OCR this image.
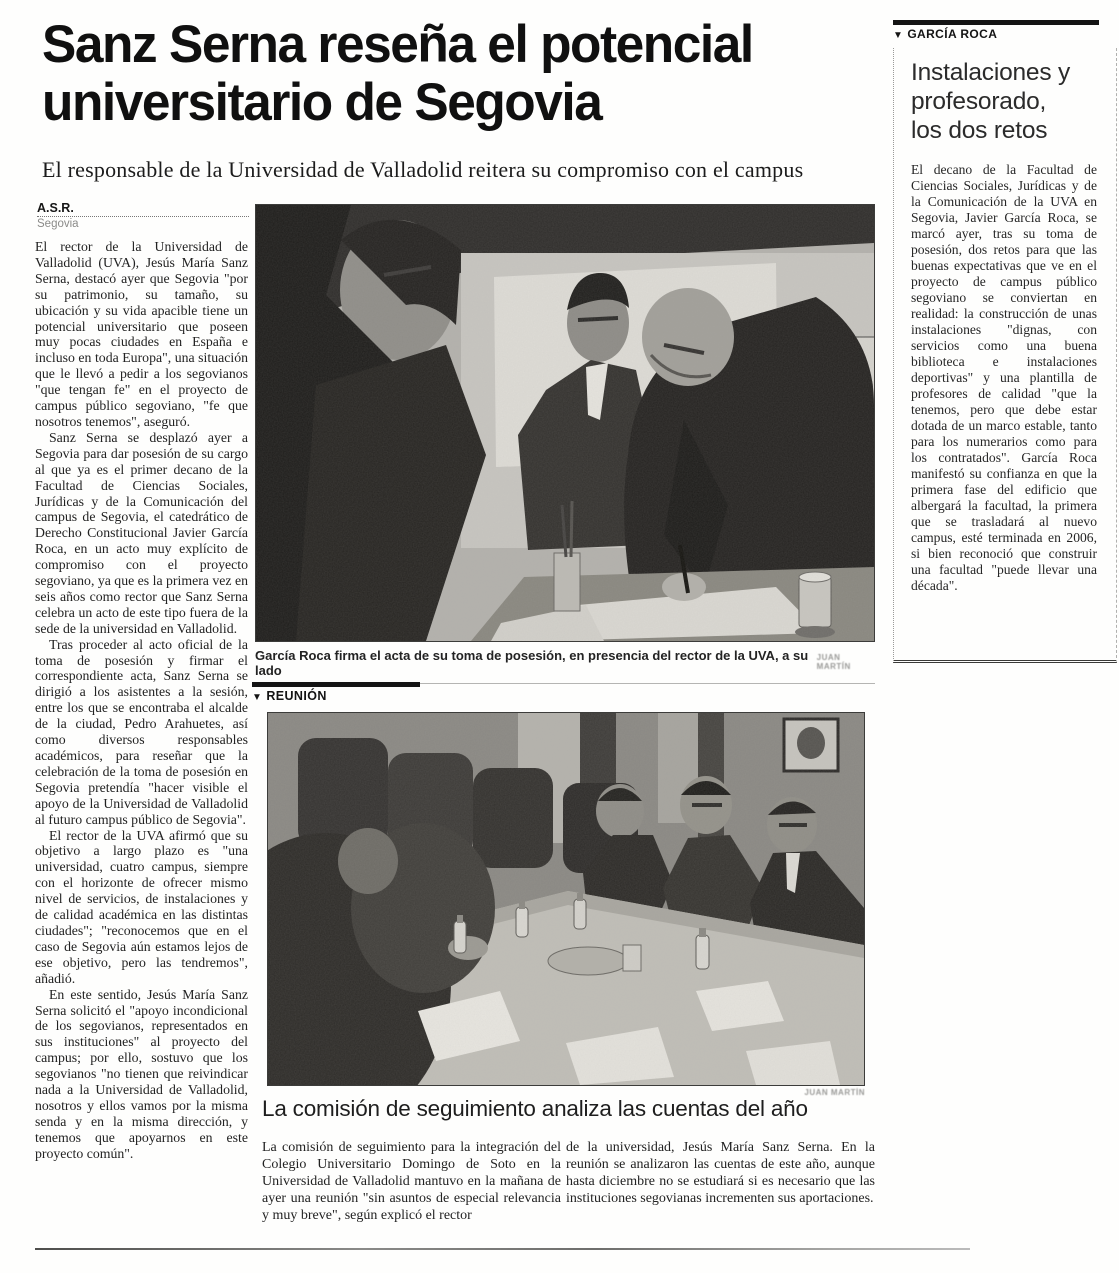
Sanz Serna reseña el potencial
universitario de Segovia
El responsable de la Universidad de Valladolid reitera su compromiso con el campus
A.S.R.
Segovia

El rector de la Universidad de Valladolid (UVA), Jesús María Sanz Serna, destacó ayer que Segovia "por su patrimonio, su tamaño, su ubicación y su vida apacible tiene un potencial universitario que poseen muy pocas ciudades en España e incluso en toda Europa", una situación que le llevó a pedir a los segovianos "que tengan fe" en el proyecto de campus público segoviano, "fe que nosotros tenemos", aseguró.

Sanz Serna se desplazó ayer a Segovia para dar posesión de su cargo al que ya es el primer decano de la Facultad de Ciencias Sociales, Jurídicas y de la Comunicación del campus de Segovia, el catedrático de Derecho Constitucional Javier García Roca, en un acto muy explícito de compromiso con el proyecto segoviano, ya que es la primera vez en seis años como rector que Sanz Serna celebra un acto de este tipo fuera de la sede de la universidad en Valladolid.

Tras proceder al acto oficial de la toma de posesión y firmar el correspondiente acta, Sanz Serna se dirigió a los asistentes a la sesión, entre los que se encontraba el alcalde de la ciudad, Pedro Arahuetes, así como diversos responsables académicos, para reseñar que la celebración de la toma de posesión en Segovia pretendía "hacer visible el apoyo de la Universidad de Valladolid al futuro campus público de Segovia".

El rector de la UVA afirmó que su objetivo a largo plazo es "una universidad, cuatro campus, siempre con el horizonte de ofrecer mismo nivel de servicios, de instalaciones y de calidad académica en las distintas ciudades"; "reconocemos que en el caso de Segovia aún estamos lejos de ese objetivo, pero las tendremos", añadió.

En este sentido, Jesús María Sanz Serna solicitó el "apoyo incondicional de los segovianos, representados en sus instituciones" al proyecto del campus; por ello, sostuvo que los segovianos "no tienen que reivindicar nada a la Universidad de Valladolid, nosotros y ellos vamos por la misma senda y en la misma dirección, y tenemos que apoyarnos en este proyecto común".

García Roca firma el acta de su toma de posesión, en presencia del rector de la UVA, a su lado
JUAN MARTÍN
▼ REUNIÓN
JUAN MARTÍN
La comisión de seguimiento analiza las cuentas del año
La comisión de seguimiento para la integración del Colegio Universitario Domingo de Soto en la Universidad de Valladolid mantuvo en la mañana de ayer una reunión "sin asuntos de especial relevancia y muy breve", según explicó el rector
de la universidad, Jesús María Sanz Serna. En la reunión se analizaron las cuentas de este año, aunque hasta diciembre no se estudiará si es necesario que las instituciones segovianas incrementen sus aportaciones.
▼ GARCÍA ROCA
Instalaciones y
profesorado,
los dos retos
El decano de la Facultad de Ciencias Sociales, Jurídicas y de la Comunicación de la UVA en Segovia, Javier García Roca, se marcó ayer, tras su toma de posesión, dos retos para que las buenas expectativas que ve en el proyecto de campus público segoviano se conviertan en realidad: la construcción de unas instalaciones "dignas, con servicios como una buena biblioteca e instalaciones deportivas" y una plantilla de profesores de calidad "que la tenemos, pero que debe estar dotada de un marco estable, tanto para los numerarios como para los contratados". García Roca manifestó su confianza en que la primera fase del edificio que albergará la facultad, la primera que se trasladará al nuevo campus, esté terminada en 2006, si bien reconoció que construir una facultad "puede llevar una década".
